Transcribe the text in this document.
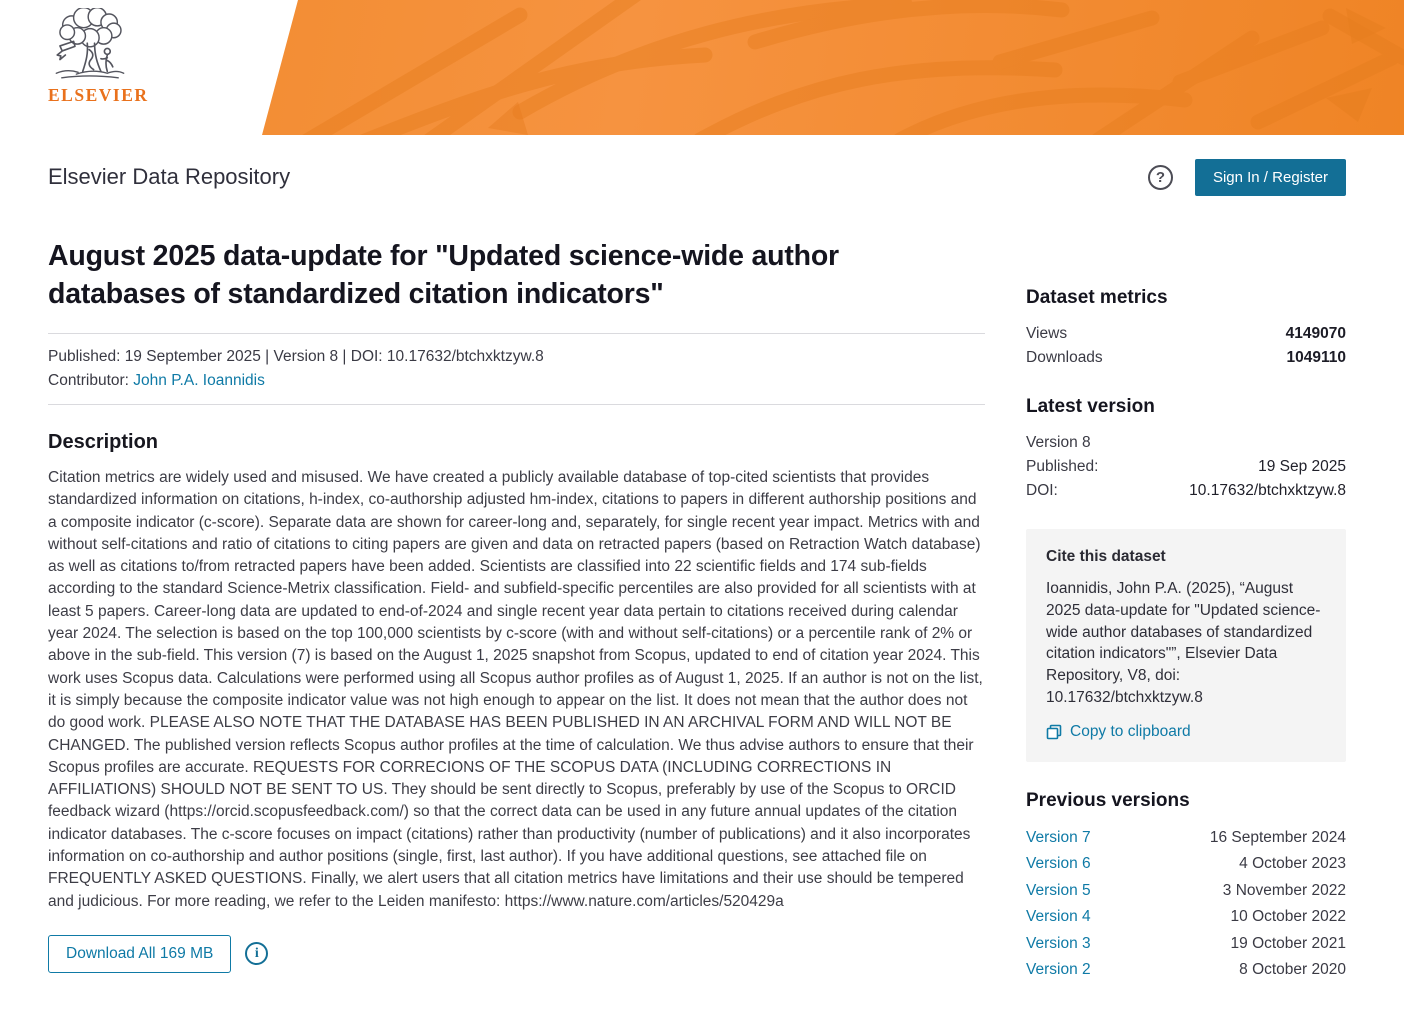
ELSEVIER
Elsevier Data Repository	?	Sign In / Register
August 2025 data-update for "Updated science-wide author databases of standardized citation indicators"
Published: 19 September 2025 | Version 8 | DOI: 10.17632/btchxktzyw.8
Contributor: John P.A. Ioannidis
Description

Citation metrics are widely used and misused. We have created a publicly available database of top-cited scientists that provides standardized information on citations, h-index, co-authorship adjusted hm-index, citations to papers in different authorship positions and a composite indicator (c-score). Separate data are shown for career-long and, separately, for single recent year impact. Metrics with and without self-citations and ratio of citations to citing papers are given and data on retracted papers (based on Retraction Watch database) as well as citations to/from retracted papers have been added. Scientists are classified into 22 scientific fields and 174 sub-fields according to the standard Science-Metrix classification. Field- and subfield-specific percentiles are also provided for all scientists with at least 5 papers. Career-long data are updated to end-of-2024 and single recent year data pertain to citations received during calendar year 2024. The selection is based on the top 100,000 scientists by c-score (with and without self-citations) or a percentile rank of 2% or above in the sub-field. This version (7) is based on the August 1, 2025 snapshot from Scopus, updated to end of citation year 2024. This work uses Scopus data. Calculations were performed using all Scopus author profiles as of August 1, 2025. If an author is not on the list, it is simply because the composite indicator value was not high enough to appear on the list. It does not mean that the author does not do good work. PLEASE ALSO NOTE THAT THE DATABASE HAS BEEN PUBLISHED IN AN ARCHIVAL FORM AND WILL NOT BE CHANGED. The published version reflects Scopus author profiles at the time of calculation. We thus advise authors to ensure that their Scopus profiles are accurate. REQUESTS FOR CORRECIONS OF THE SCOPUS DATA (INCLUDING CORRECTIONS IN AFFILIATIONS) SHOULD NOT BE SENT TO US. They should be sent directly to Scopus, preferably by use of the Scopus to ORCID feedback wizard (https://orcid.scopusfeedback.com/) so that the correct data can be used in any future annual updates of the citation indicator databases. The c-score focuses on impact (citations) rather than productivity (number of publications) and it also incorporates information on co-authorship and author positions (single, first, last author). If you have additional questions, see attached file on FREQUENTLY ASKED QUESTIONS. Finally, we alert users that all citation metrics have limitations and their use should be tempered and judicious. For more reading, we refer to the Leiden manifesto: https://www.nature.com/articles/520429a

Download All 169 MB	i
Dataset metrics
Views	4149070
Downloads	1049110
Latest version
Version 8
Published:	19 Sep 2025
DOI:	10.17632/btchxktzyw.8
Cite this dataset

Ioannidis, John P.A. (2025), “August 2025 data-update for "Updated science-wide author databases of standardized citation indicators"”, Elsevier Data Repository, V8, doi: 10.17632/btchxktzyw.8

Copy to clipboard
Previous versions
Version 7	16 September 2024
Version 6	4 October 2023
Version 5	3 November 2022
Version 4	10 October 2022
Version 3	19 October 2021
Version 2	8 October 2020
